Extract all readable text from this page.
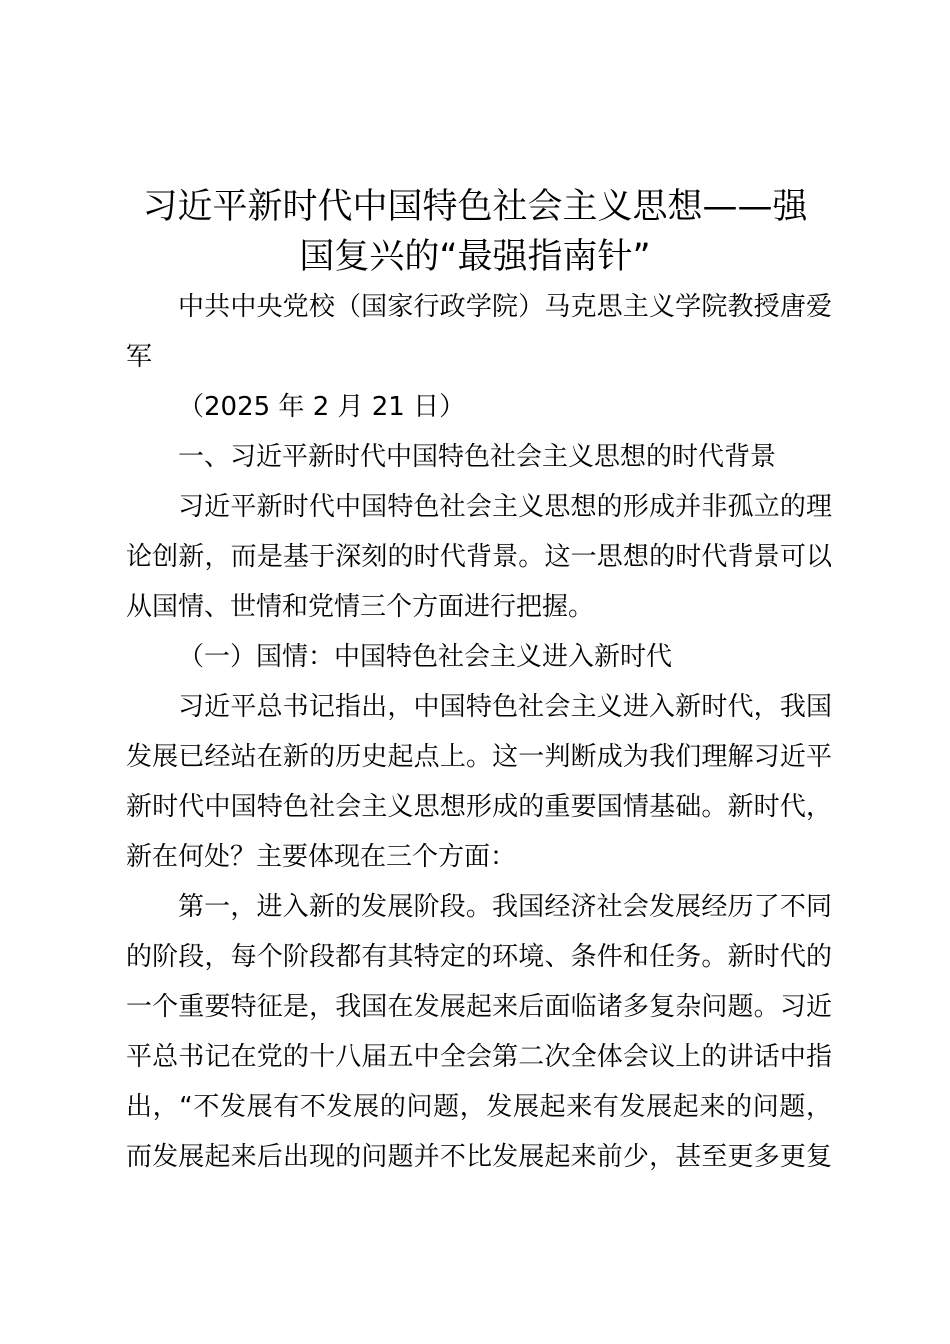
习近平新时代中国特色社会主义思想——强
国复兴的“最强指南针”
中共中央党校（国家行政学院）马克思主义学院教授唐爱
军
（2025 年 2 月 21 日）
一、习近平新时代中国特色社会主义思想的时代背景
习近平新时代中国特色社会主义思想的形成并非孤立的理
论创新，而是基于深刻的时代背景。这一思想的时代背景可以
从国情、世情和党情三个方面进行把握。
（一）国情：中国特色社会主义进入新时代
习近平总书记指出，中国特色社会主义进入新时代，我国
发展已经站在新的历史起点上。这一判断成为我们理解习近平
新时代中国特色社会主义思想形成的重要国情基础。新时代，
新在何处？主要体现在三个方面：
第一，进入新的发展阶段。我国经济社会发展经历了不同
的阶段，每个阶段都有其特定的环境、条件和任务。新时代的
一个重要特征是，我国在发展起来后面临诸多复杂问题。习近
平总书记在党的十八届五中全会第二次全体会议上的讲话中指
出，“不发展有不发展的问题，发展起来有发展起来的问题，
而发展起来后出现的问题并不比发展起来前少，甚至更多更复
